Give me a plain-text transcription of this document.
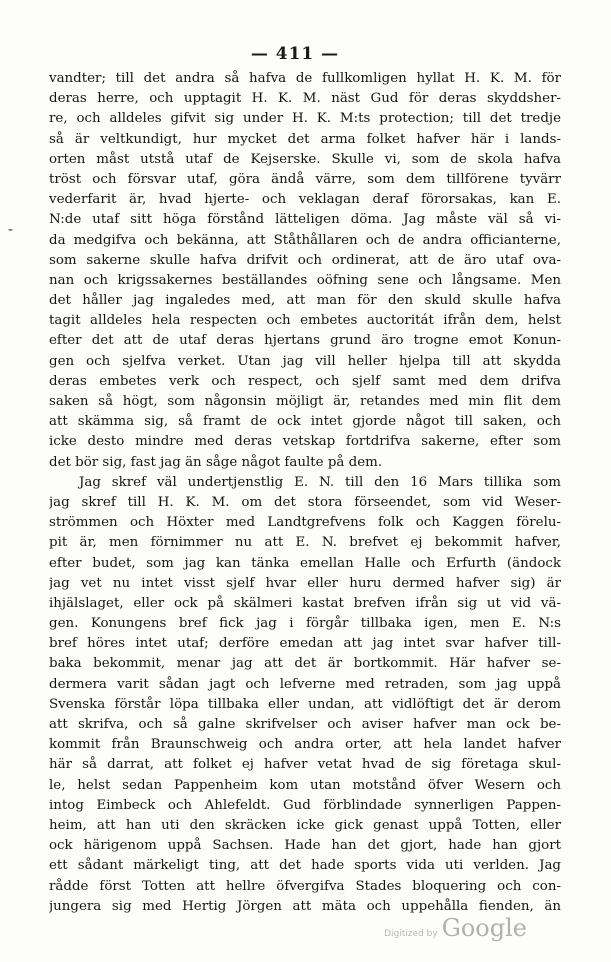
— 411 —
-
vandter; till det andra så hafva de fullkomligen hyllat H. K. M. för
deras herre, och upptagit H. K. M. näst Gud för deras skyddsher-
re, och alldeles gifvit sig under H. K. M:ts protection; till det tredje
så är veltkundigt, hur mycket det arma folket hafver här i lands-
orten måst utstå utaf de Kejserske. Skulle vi, som de skola hafva
tröst och försvar utaf, göra ändå värre, som dem tillförene tyvärr
vederfarit är, hvad hjerte- och veklagan deraf förorsakas, kan E.
N:de utaf sitt höga förstånd lätteligen döma. Jag måste väl så vi-
da medgifva och bekänna, att Ståthållaren och de andra officianterne,
som sakerne skulle hafva drifvit och ordinerat, att de äro utaf ova-
nan och krigssakernes beställandes oöfning sene och långsame. Men
det håller jag ingaledes med, att man för den skuld skulle hafva
tagit alldeles hela respecten och embetes auctoritát ifrån dem, helst
efter det att de utaf deras hjertans grund äro trogne emot Konun-
gen och sjelfva verket. Utan jag vill heller hjelpa till att skydda
deras embetes verk och respect, och sjelf samt med dem drifva
saken så högt, som någonsin möjligt är, retandes med min flit dem
att skämma sig, så framt de ock intet gjorde något till saken, och
icke desto mindre med deras vetskap fortdrifva sakerne, efter som
det bör sig, fast jag än såge något faulte på dem.
Jag skref väl undertjenstlig E. N. till den 16 Mars tillika som
jag skref till H. K. M. om det stora förseendet, som vid Weser-
strömmen och Höxter med Landtgrefvens folk och Kaggen förelu-
pit är, men förnimmer nu att E. N. brefvet ej bekommit hafver,
efter budet, som jag kan tänka emellan Halle och Erfurth (ändock
jag vet nu intet visst sjelf hvar eller huru dermed hafver sig) är
ihjälslaget, eller ock på skälmeri kastat brefven ifrån sig ut vid vä-
gen. Konungens bref fick jag i förgår tillbaka igen, men E. N:s
bref höres intet utaf; derföre emedan att jag intet svar hafver till-
baka bekommit, menar jag att det är bortkommit. Här hafver se-
dermera varit sådan jagt och lefverne med retraden, som jag uppå
Svenska förstår löpa tillbaka eller undan, att vidlöftigt det är derom
att skrifva, och så galne skrifvelser och aviser hafver man ock be-
kommit från Braunschweig och andra orter, att hela landet hafver
här så darrat, att folket ej hafver vetat hvad de sig företaga skul-
le, helst sedan Pappenheim kom utan motstånd öfver Wesern och
intog Eimbeck och Ahlefeldt. Gud förblindade synnerligen Pappen-
heim, att han uti den skräcken icke gick genast uppå Totten, eller
ock härigenom uppå Sachsen. Hade han det gjort, hade han gjort
ett sådant märkeligt ting, att det hade sports vida uti verlden. Jag
rådde först Totten att hellre öfvergifva Stades bloquering och con-
jungera sig med Hertig Jörgen att mäta och uppehålla fienden, än
Digitized by Google
